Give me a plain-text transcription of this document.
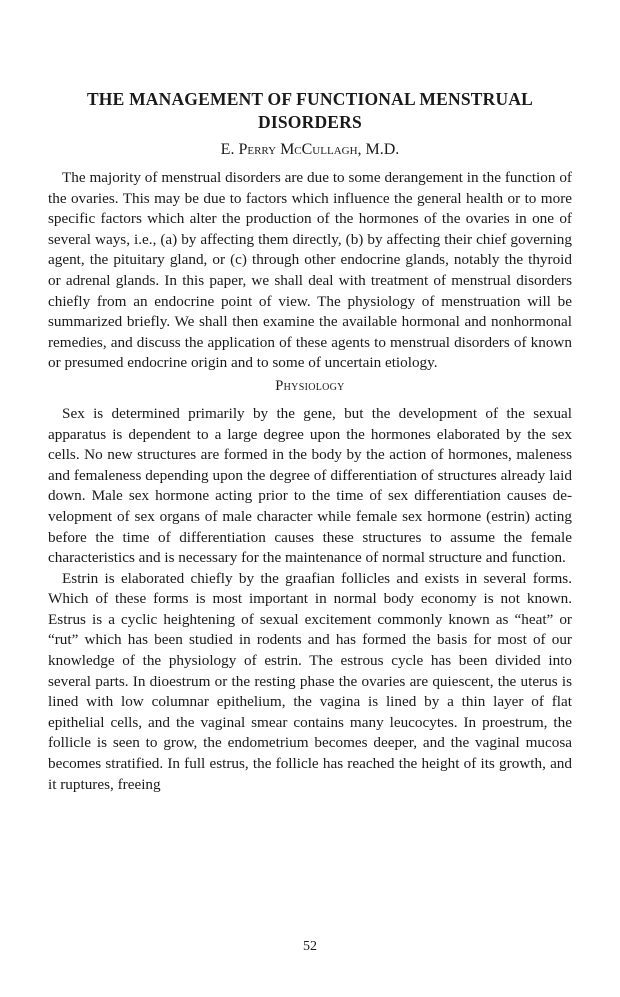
THE MANAGEMENT OF FUNCTIONAL MENSTRUAL DISORDERS
E. Perry McCullagh, M.D.

The majority of menstrual disorders are due to some derangement in the function of the ovaries. This may be due to factors which influence the general health or to more specific factors which alter the production of the hormones of the ovaries in one of several ways, i.e., (a) by affecting them directly, (b) by affecting their chief governing agent, the pituitary gland, or (c) through other endocrine glands, notably the thyroid or adrenal glands. In this paper, we shall deal with treatment of menstrual disorders chiefly from an endocrine point of view. The physiology of menstruation will be summarized briefly. We shall then examine the available hormonal and nonhormonal remedies, and discuss the application of these agents to menstrual disorders of known or presumed endocrine origin and to some of uncertain etiology.

Physiology

Sex is determined primarily by the gene, but the development of the sexual apparatus is dependent to a large degree upon the hormones elaborated by the sex cells. No new structures are formed in the body by the action of hormones, maleness and femaleness depending upon the degree of differentiation of structures already laid down. Male sex hormone acting prior to the time of sex differentiation causes development of sex organs of male character while female sex hormone (estrin) acting before the time of differentiation causes these structures to assume the female characteristics and is necessary for the maintenance of normal structure and function.

Estrin is elaborated chiefly by the graafian follicles and exists in several forms. Which of these forms is most important in normal body economy is not known. Estrus is a cyclic heightening of sexual excitement commonly known as “heat” or “rut” which has been studied in rodents and has formed the basis for most of our knowledge of the physiology of estrin. The estrous cycle has been divided into several parts. In dioestrum or the resting phase the ovaries are quiescent, the uterus is lined with low columnar epithelium, the vagina is lined by a thin layer of flat epithelial cells, and the vaginal smear contains many leucocytes. In proestrum, the follicle is seen to grow, the endometrium becomes deeper, and the vaginal mucosa becomes stratified. In full estrus, the follicle has reached the height of its growth, and it ruptures, freeing

52
